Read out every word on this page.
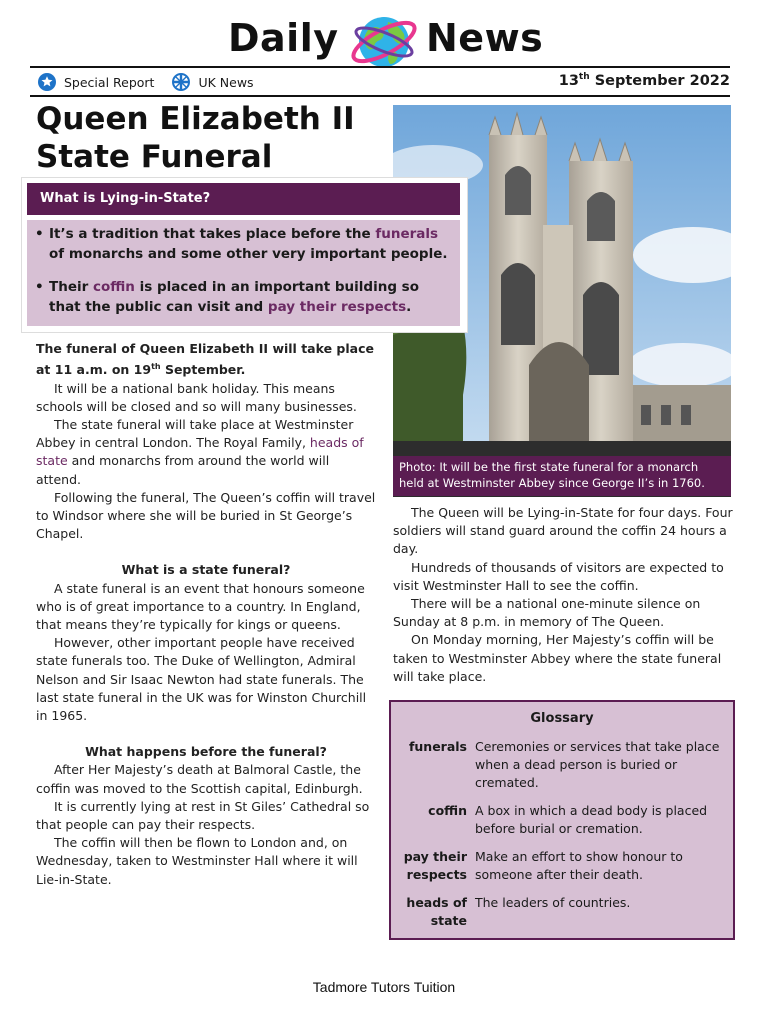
Daily News
Special Report	UK News	13th September 2022
Queen Elizabeth II
State Funeral
Photo: It will be the first state funeral for a monarch held at Westminster Abbey since George II’s in 1760.
What is Lying-in-State?
• It’s a tradition that takes place before the funerals of monarchs and some other very important people.
• Their coffin is placed in an important building so that the public can visit and pay their respects.

The funeral of Queen Elizabeth II will take place at 11 a.m. on 19th September.

It will be a national bank holiday. This means schools will be closed and so will many businesses.

The state funeral will take place at Westminster Abbey in central London. The Royal Family, heads of state and monarchs from around the world will attend.

Following the funeral, The Queen’s coffin will travel to Windsor where she will be buried in St George’s Chapel.

What is a state funeral?

A state funeral is an event that honours someone who is of great importance to a country. In England, that means they’re typically for kings or queens.

However, other important people have received state funerals too. The Duke of Wellington, Admiral Nelson and Sir Isaac Newton had state funerals. The last state funeral in the UK was for Winston Churchill in 1965.

What happens before the funeral?

After Her Majesty’s death at Balmoral Castle, the coffin was moved to the Scottish capital, Edinburgh.

It is currently lying at rest in St Giles’ Cathedral so that people can pay their respects.

The coffin will then be flown to London and, on Wednesday, taken to Westminster Hall where it will Lie-in-State.

The Queen will be Lying-in-State for four days. Four soldiers will stand guard around the coffin 24 hours a day.

Hundreds of thousands of visitors are expected to visit Westminster Hall to see the coffin.

There will be a national one-minute silence on Sunday at 8 p.m. in memory of The Queen.

On Monday morning, Her Majesty’s coffin will be taken to Westminster Abbey where the state funeral will take place.

Glossary
funerals Ceremonies or services that take place when a dead person is buried or cremated.
coffin A box in which a dead body is placed before burial or cremation.
pay their respects
Make an effort to show honour to someone after their death.
heads of state
The leaders of countries.
Tadmore Tutors Tuition
